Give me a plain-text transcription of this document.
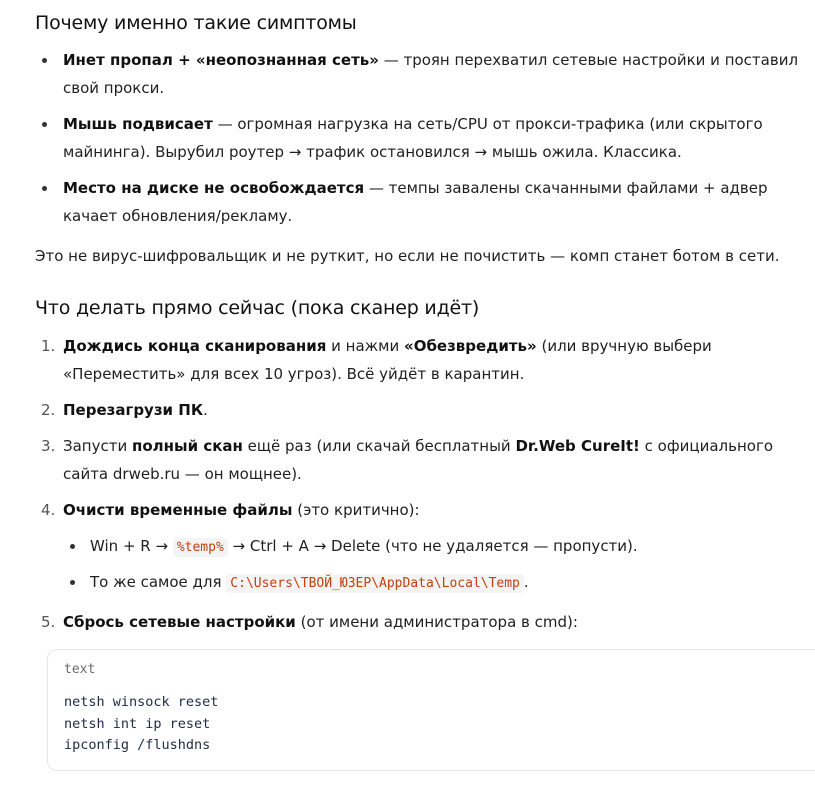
Почему именно такие симптомы
Инет пропал + «неопознанная сеть» — троян перехватил сетевые настройки и поставил свой прокси.
Мышь подвисает — огромная нагрузка на сеть/CPU от прокси-трафика (или скрытого майнинга). Вырубил роутер → трафик остановился → мышь ожила. Классика.
Место на диске не освобождается — темпы завалены скачанными файлами + адвер качает обновления/рекламу.
Это не вирус-шифровальщик и не руткит, но если не почистить — комп станет ботом в сети.
Что делать прямо сейчас (пока сканер идёт)
1. Дождись конца сканирования и нажми «Обезвредить» (или вручную выбери «Переместить» для всех 10 угроз). Всё уйдёт в карантин.
2. Перезагрузи ПК.
3. Запусти полный скан ещё раз (или скачай бесплатный Dr.Web CureIt! с официального сайта drweb.ru — он мощнее).
4. Очисти временные файлы (это критично):
Win + R → %temp% → Ctrl + A → Delete (что не удаляется — пропусти).
То же самое для C:\Users\ТВОЙ_ЮЗЕР\AppData\Local\Temp .
5. Сбрось сетевые настройки (от имени администратора в cmd):
text
netsh winsock reset
netsh int ip reset
ipconfig /flushdns
